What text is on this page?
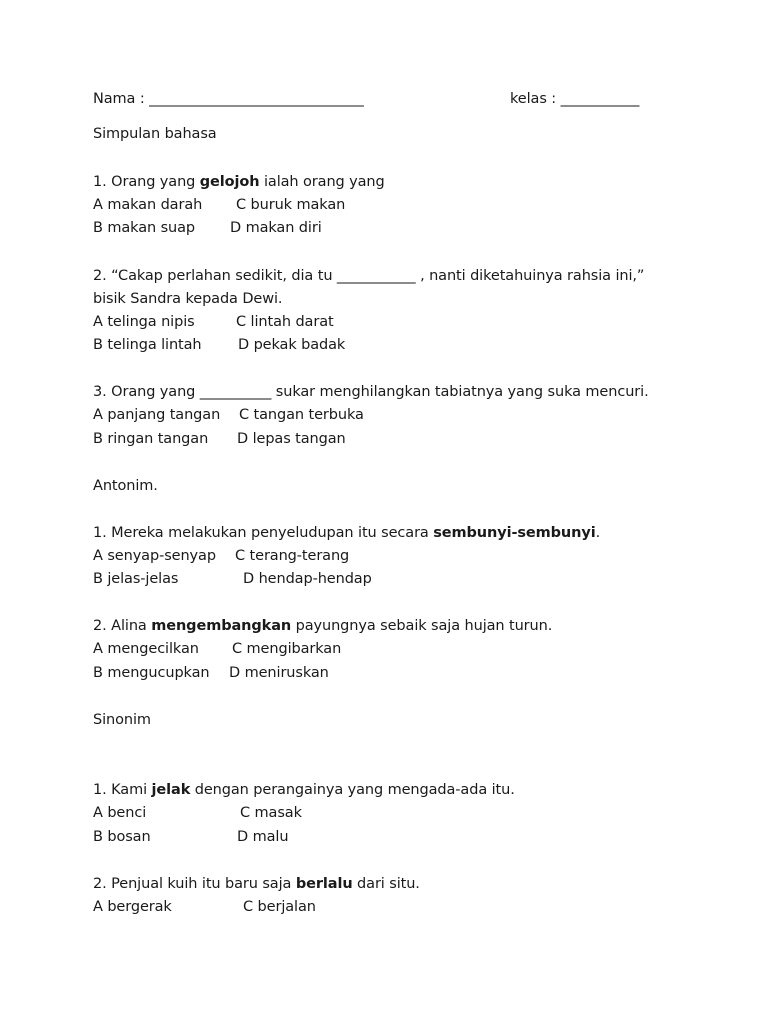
Nama : ______________________________	kelas : ___________
Simpulan bahasa
1. Orang yang gelojoh ialah orang yang
A makan darah C buruk makan
B makan suap D makan diri
2. “Cakap perlahan sedikit, dia tu ___________ , nanti diketahuinya rahsia ini,”
bisik Sandra kepada Dewi.
A telinga nipis	C lintah darat
B telinga lintah	D pekak badak
3. Orang yang __________ sukar menghilangkan tabiatnya yang suka mencuri.
A panjang tangan C tangan terbuka
B ringan tangan D lepas tangan
Antonim.
1. Mereka melakukan penyeludupan itu secara sembunyi-sembunyi.
A senyap-senyap C terang-terang
B jelas-jelas	D hendap-hendap
2. Alina mengembangkan payungnya sebaik saja hujan turun.
A mengecilkan C mengibarkan
B mengucupkan D meniruskan
Sinonim
1. Kami jelak dengan perangainya yang mengada-ada itu.
A benci	C masak
B bosan	D malu
2. Penjual kuih itu baru saja berlalu dari situ.
A bergerak	C berjalan
